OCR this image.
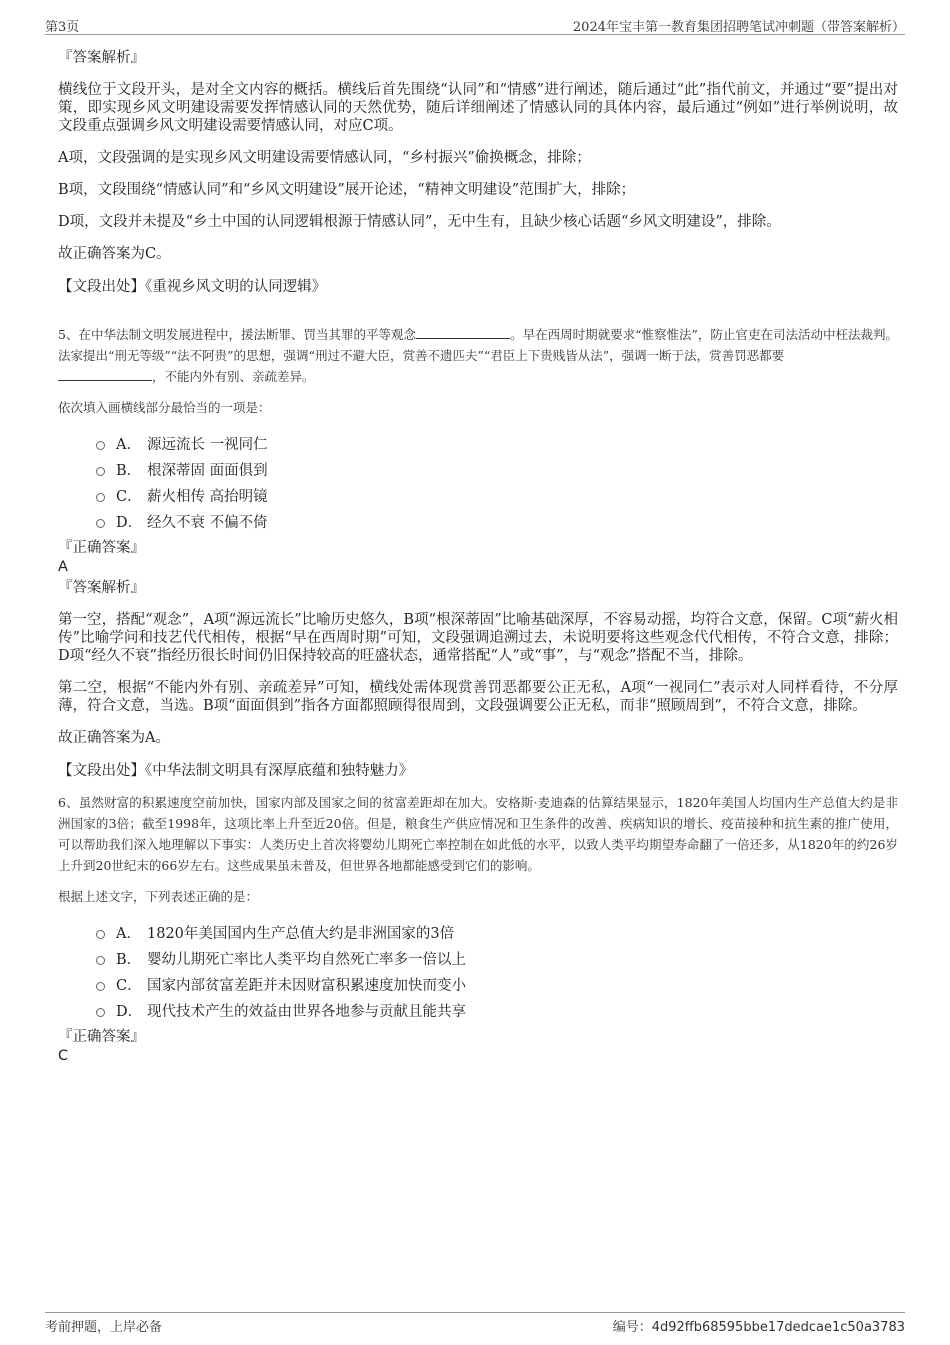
第3页	2024年宝丰第一教育集团招聘笔试冲刺题（带答案解析）

『答案解析』

横线位于文段开头，是对全文内容的概括。横线后首先围绕“认同”和“情感”进行阐述，随后通过“此”指代前文，并通过“要”提出对策，即实现乡风文明建设需要发挥情感认同的天然优势，随后详细阐述了情感认同的具体内容，最后通过“例如”进行举例说明，故文段重点强调乡风文明建设需要情感认同，对应C项。

A项，文段强调的是实现乡风文明建设需要情感认同，“乡村振兴”偷换概念，排除；

B项，文段围绕“情感认同”和“乡风文明建设”展开论述，“精神文明建设”范围扩大，排除；

D项，文段并未提及“乡土中国的认同逻辑根源于情感认同”，无中生有，且缺少核心话题“乡风文明建设”，排除。

故正确答案为C。

【文段出处】《重视乡风文明的认同逻辑》

5、在中华法制文明发展进程中，援法断罪、罚当其罪的平等观念	。早在西周时期就要求“惟察惟法”，防止官吏在司法活动中枉法裁判。法家提出“刑无等级”“法不阿贵”的思想，强调“刑过不避大臣，赏善不遗匹夫”“君臣上下贵贱皆从法”，强调一断于法，赏善罚恶都要
，不能内外有别、亲疏差异。

依次填入画横线部分最恰当的一项是：

A． 源远流长 一视同仁
B． 根深蒂固 面面俱到
C． 薪火相传 高抬明镜
D． 经久不衰 不偏不倚

『正确答案』

A

『答案解析』

第一空，搭配“观念”，A项“源远流长”比喻历史悠久，B项“根深蒂固”比喻基础深厚，不容易动摇，均符合文意，保留。C项“薪火相传”比喻学问和技艺代代相传，根据“早在西周时期”可知，文段强调追溯过去，未说明要将这些观念代代相传，不符合文意，排除；D项“经久不衰”指经历很长时间仍旧保持较高的旺盛状态，通常搭配“人”或“事”，与“观念”搭配不当，排除。

第二空，根据“不能内外有别、亲疏差异”可知，横线处需体现赏善罚恶都要公正无私，A项“一视同仁”表示对人同样看待，不分厚薄，符合文意，当选。B项“面面俱到”指各方面都照顾得很周到，文段强调要公正无私，而非“照顾周到”，不符合文意，排除。

故正确答案为A。

【文段出处】《中华法制文明具有深厚底蕴和独特魅力》

6、虽然财富的积累速度空前加快，国家内部及国家之间的贫富差距却在加大。安格斯·麦迪森的估算结果显示，1820年美国人均国内生产总值大约是非洲国家的3倍；截至1998年，这项比率上升至近20倍。但是，粮食生产供应情况和卫生条件的改善、疾病知识的增长、疫苗接种和抗生素的推广使用，可以帮助我们深入地理解以下事实：人类历史上首次将婴幼儿期死亡率控制在如此低的水平，以致人类平均期望寿命翻了一倍还多，从1820年的约26岁上升到20世纪末的66岁左右。这些成果虽未普及，但世界各地都能感受到它们的影响。

根据上述文字，下列表述正确的是：

A． 1820年美国国内生产总值大约是非洲国家的3倍
B． 婴幼儿期死亡率比人类平均自然死亡率多一倍以上
C． 国家内部贫富差距并未因财富积累速度加快而变小
D． 现代技术产生的效益由世界各地参与贡献且能共享

『正确答案』

C

考前押题，上岸必备	编号：4d92ffb68595bbe17dedcae1c50a3783
